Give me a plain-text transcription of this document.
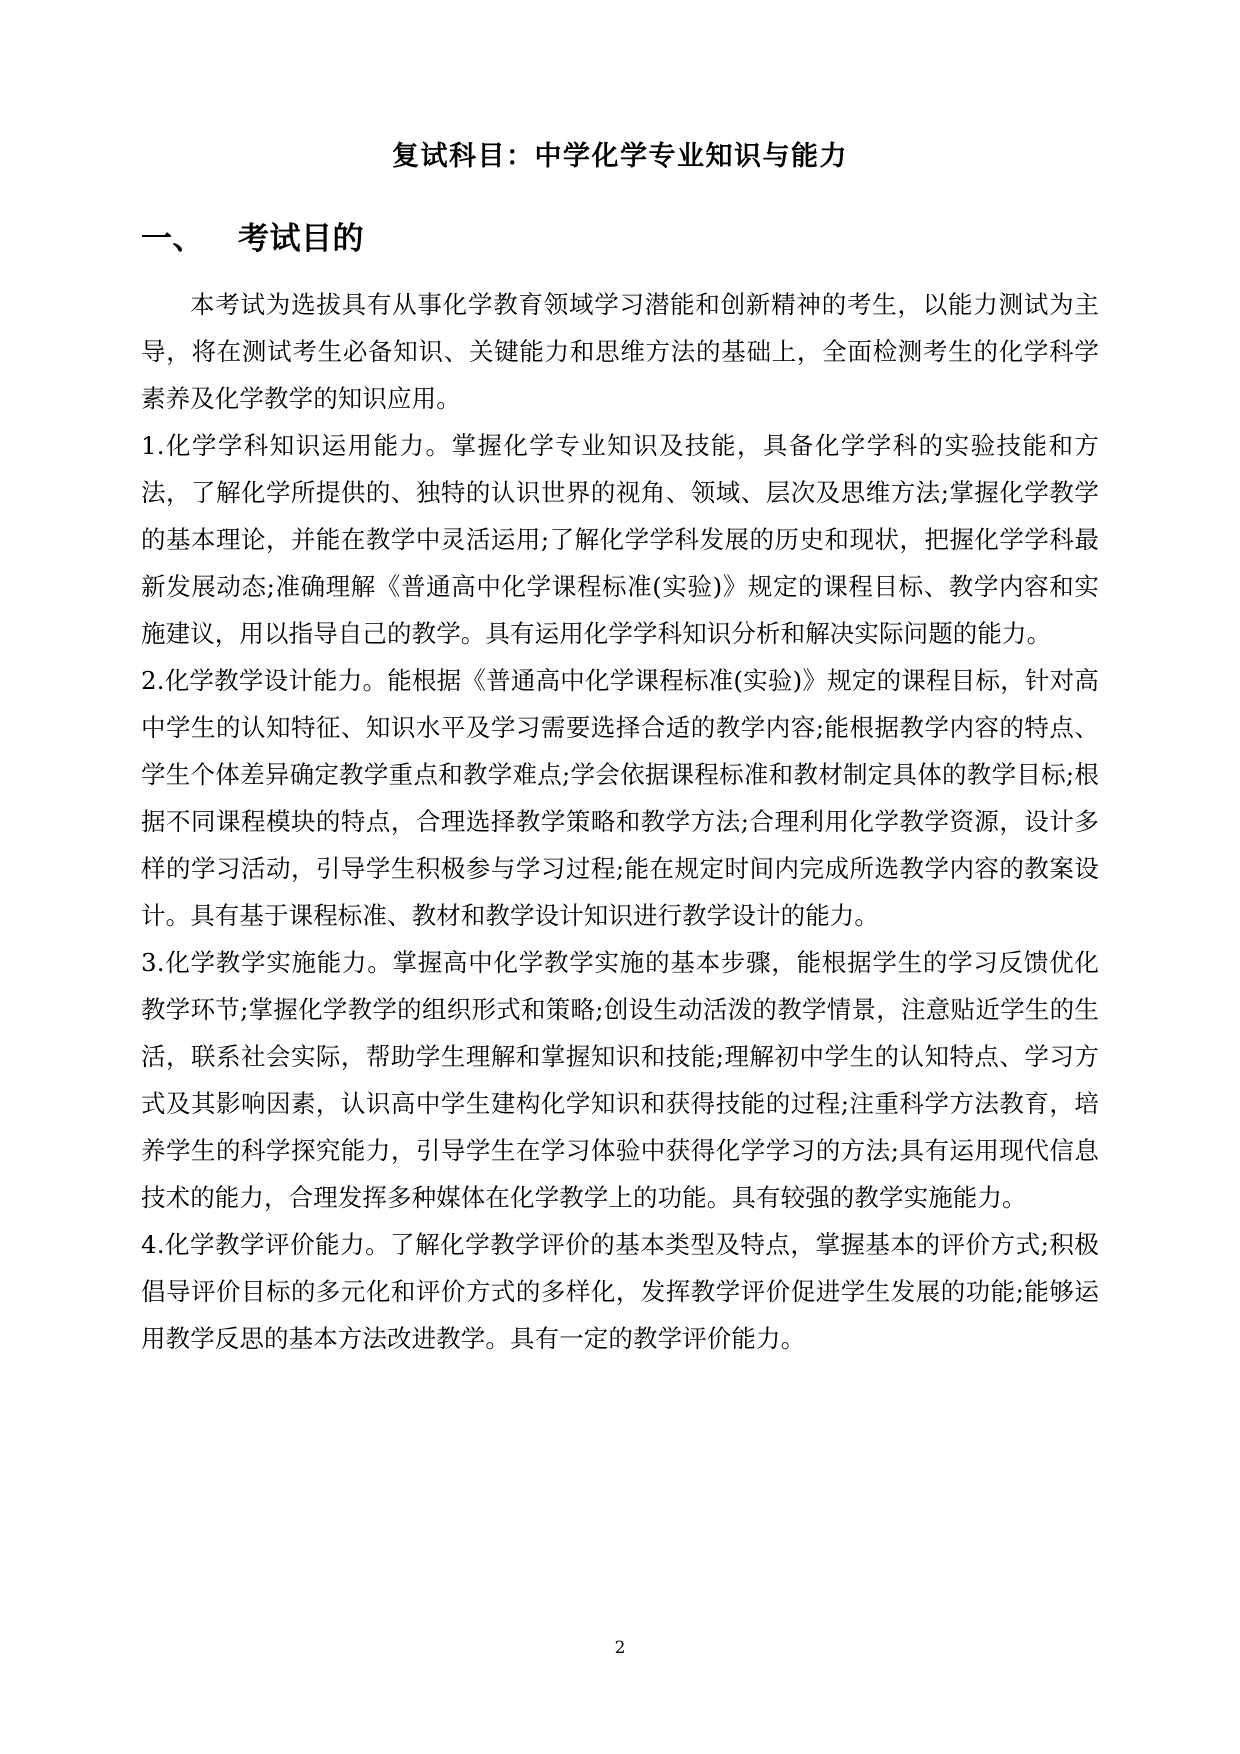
复试科目：中学化学专业知识与能力
一、 考试目的

本考试为选拔具有从事化学教育领域学习潜能和创新精神的考生，以能力测试为主导，将在测试考生必备知识、关键能力和思维方法的基础上，全面检测考生的化学科学素养及化学教学的知识应用。

1.化学学科知识运用能力。掌握化学专业知识及技能，具备化学学科的实验技能和方法，了解化学所提供的、独特的认识世界的视角、领域、层次及思维方法;掌握化学教学的基本理论，并能在教学中灵活运用;了解化学学科发展的历史和现状，把握化学学科最新发展动态;准确理解《普通高中化学课程标准(实验)》规定的课程目标、教学内容和实施建议，用以指导自己的教学。具有运用化学学科知识分析和解决实际问题的能力。

2.化学教学设计能力。能根据《普通高中化学课程标准(实验)》规定的课程目标，针对高中学生的认知特征、知识水平及学习需要选择合适的教学内容;能根据教学内容的特点、学生个体差异确定教学重点和教学难点;学会依据课程标准和教材制定具体的教学目标;根据不同课程模块的特点，合理选择教学策略和教学方法;合理利用化学教学资源，设计多样的学习活动，引导学生积极参与学习过程;能在规定时间内完成所选教学内容的教案设计。具有基于课程标准、教材和教学设计知识进行教学设计的能力。

3.化学教学实施能力。掌握高中化学教学实施的基本步骤，能根据学生的学习反馈优化教学环节;掌握化学教学的组织形式和策略;创设生动活泼的教学情景，注意贴近学生的生活，联系社会实际，帮助学生理解和掌握知识和技能;理解初中学生的认知特点、学习方式及其影响因素，认识高中学生建构化学知识和获得技能的过程;注重科学方法教育，培养学生的科学探究能力，引导学生在学习体验中获得化学学习的方法;具有运用现代信息技术的能力，合理发挥多种媒体在化学教学上的功能。具有较强的教学实施能力。

4.化学教学评价能力。了解化学教学评价的基本类型及特点，掌握基本的评价方式;积极倡导评价目标的多元化和评价方式的多样化，发挥教学评价促进学生发展的功能;能够运用教学反思的基本方法改进教学。具有一定的教学评价能力。

2
